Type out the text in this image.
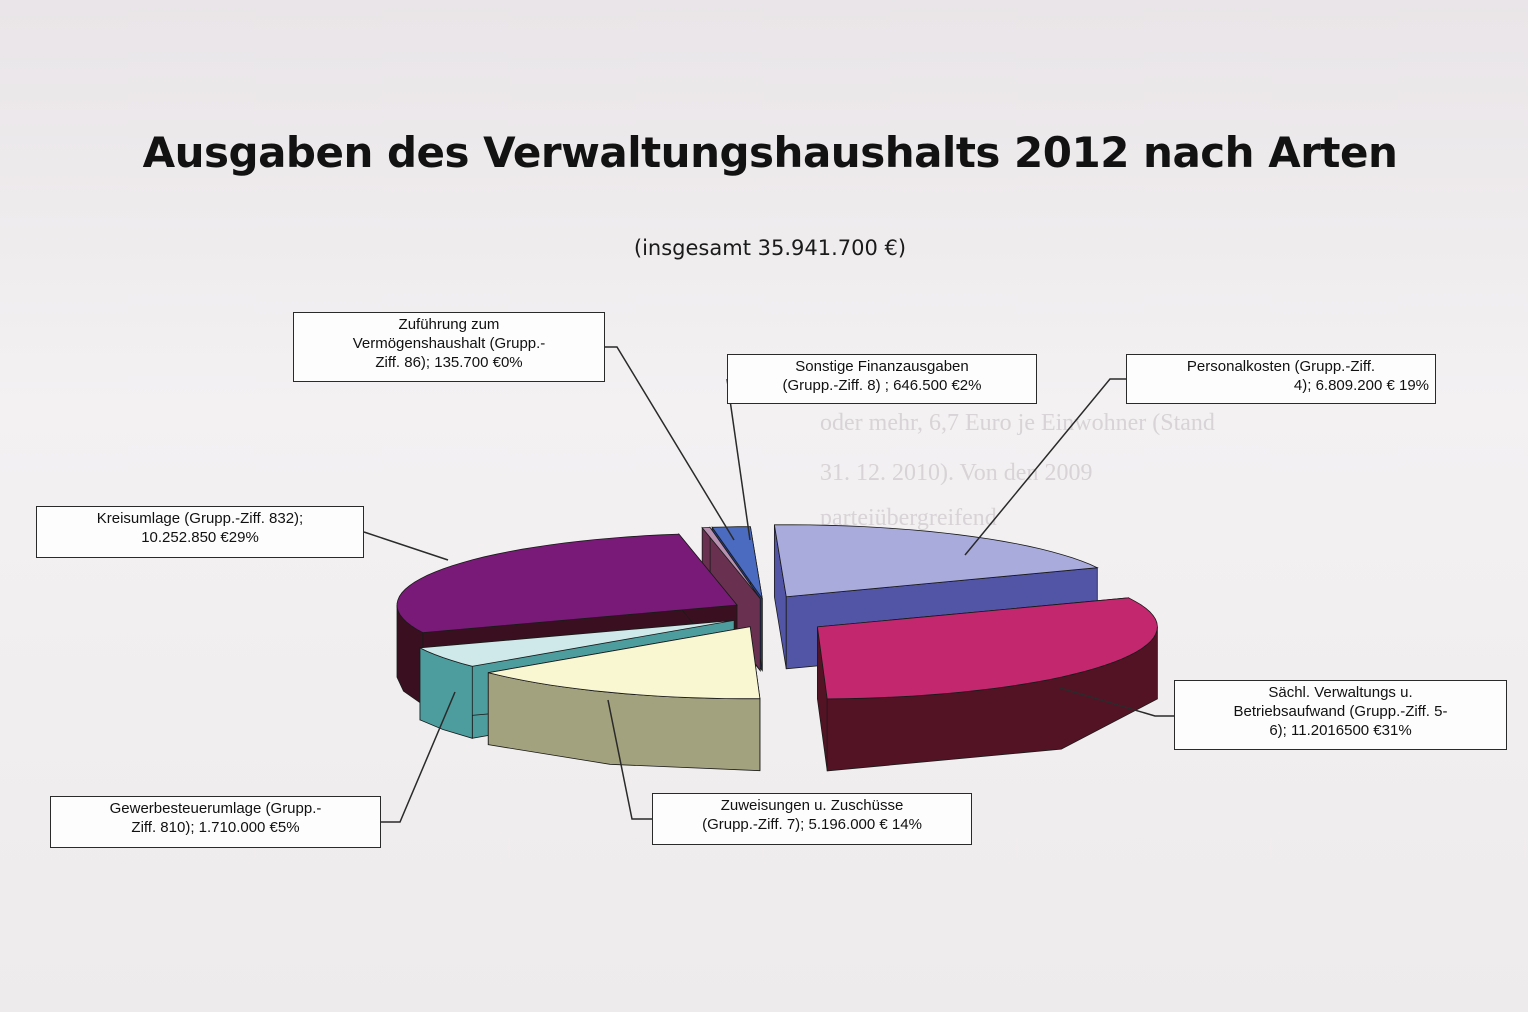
oder mehr, 6,7 Euro je Einwohner (Stand
31. 12. 2010). Von den 2009
parteiübergreifend
Ausgaben des Verwaltungshaushalts 2012 nach Arten
(insgesamt 35.941.700 €)
Zuführung zum
Vermögenshaushalt (Grupp.-
Ziff. 86); 135.700 €0%	Sonstige Finanzausgaben
(Grupp.-Ziff. 8) ; 646.500 €2%
Personalkosten (Grupp.-Ziff.
4); 6.809.200 € 19%
Kreisumlage (Grupp.-Ziff. 832);
10.252.850 €29%
Sächl. Verwaltungs u.
Betriebsaufwand (Grupp.-Ziff. 5-
6); 11.2016500 €31%
Zuweisungen u. Zuschüsse
(Grupp.-Ziff. 7); 5.196.000 € 14%
Gewerbesteuerumlage (Grupp.-
Ziff. 810); 1.710.000 €5%
